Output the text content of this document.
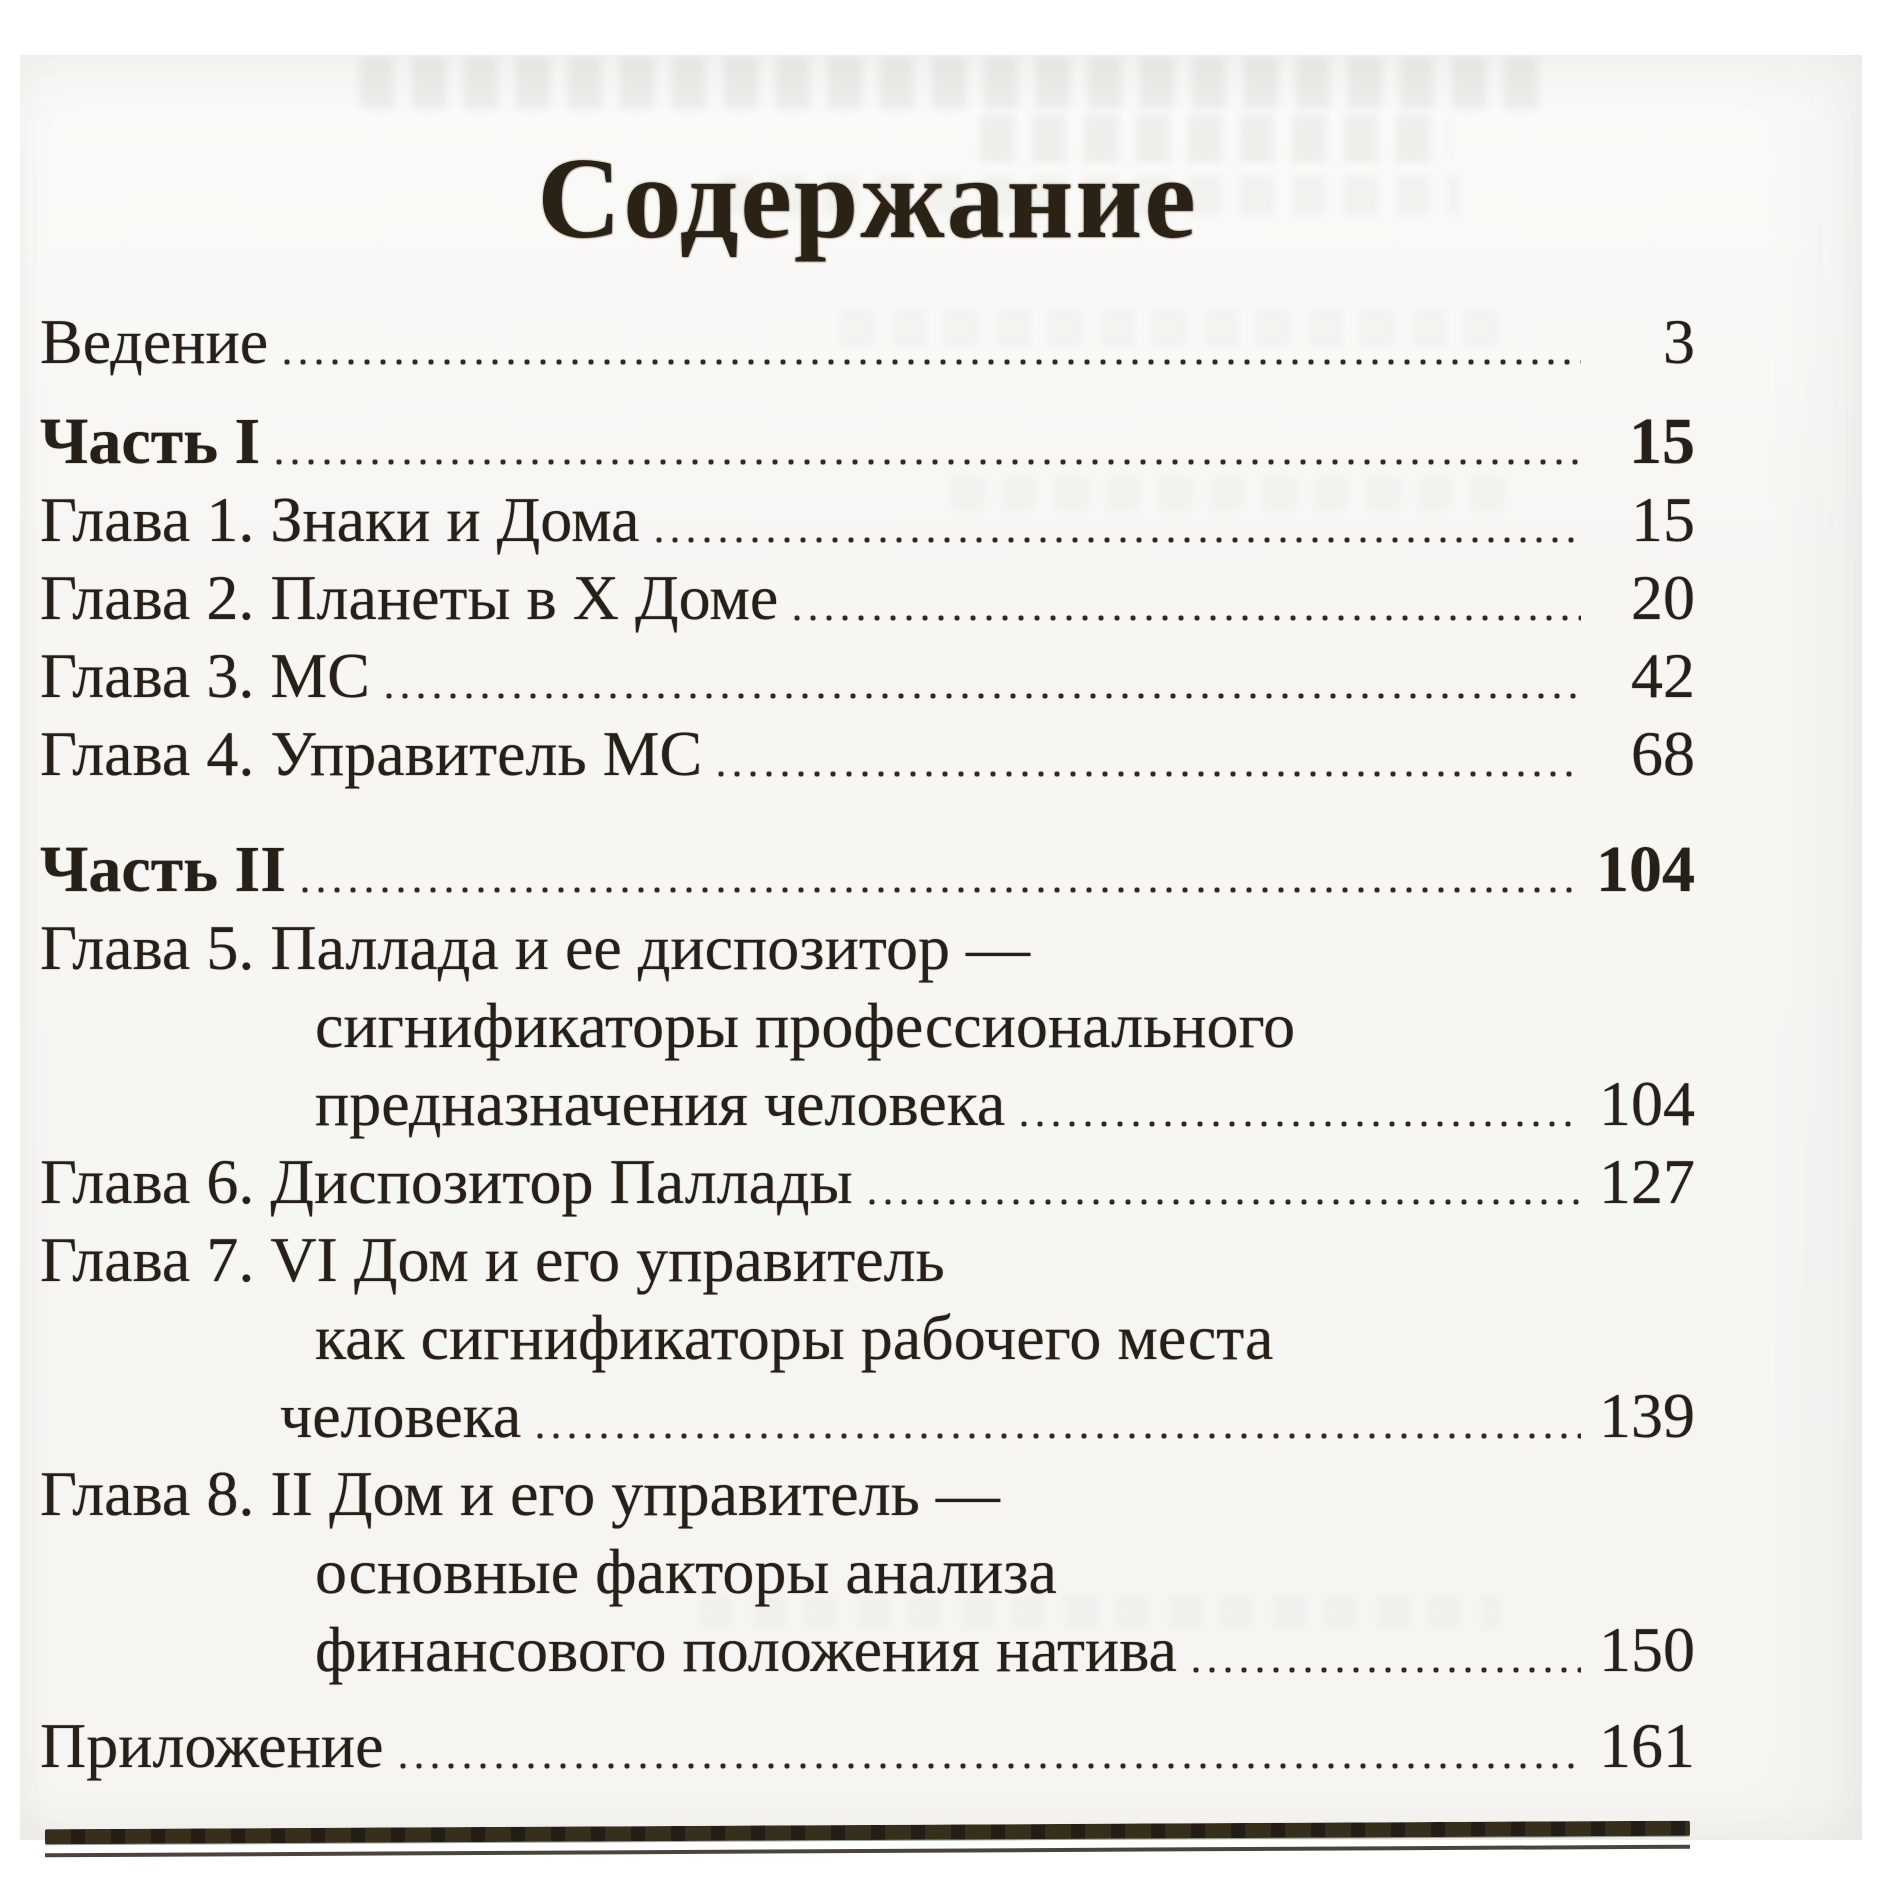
Содержание
Ведение	3
Часть I	15
Глава 1. Знаки и Дома	15
Глава 2. Планеты в X Доме	20
Глава 3. MC	42
Глава 4. Управитель MC	68
Часть II	104
Глава 5. Паллада и ее диспозитор —
сигнификаторы профессионального
предназначения человека	104
Глава 6. Диспозитор Паллады	127
Глава 7. VI Дом и его управитель
как сигнификаторы рабочего места
человека	139
Глава 8. II Дом и его управитель —
основные факторы анализа
финансового положения натива	150
Приложение	161
